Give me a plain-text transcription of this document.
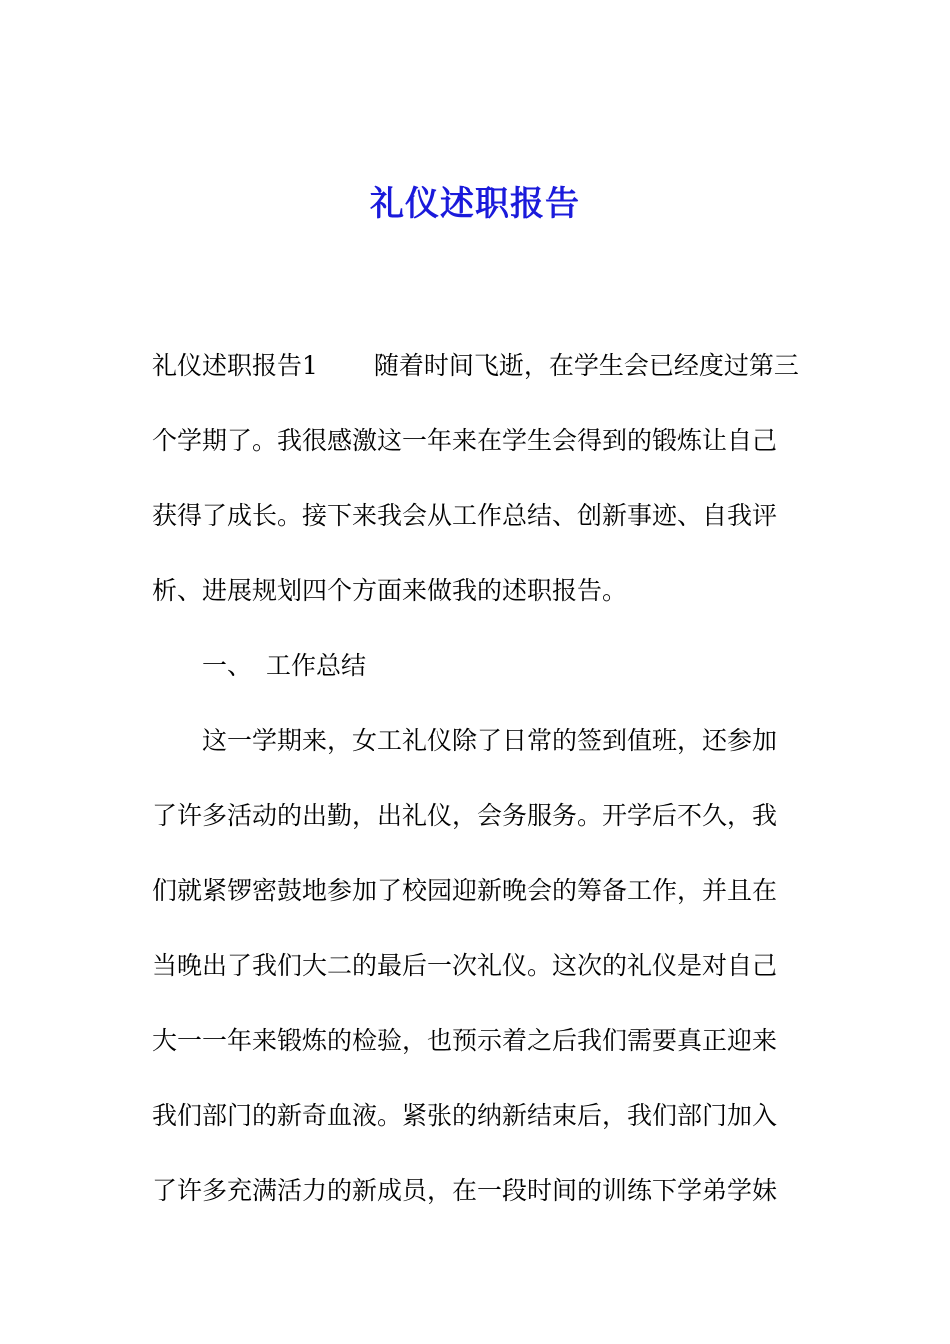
礼仪述职报告
礼仪述职报告1 随着时间飞逝，在学生会已经度过第三
个学期了。我很感激这一年来在学生会得到的锻炼让自己
获得了成长。接下来我会从工作总结、创新事迹、自我评
析、进展规划四个方面来做我的述职报告。
一、 工作总结
这一学期来，女工礼仪除了日常的签到值班，还参加
了许多活动的出勤，出礼仪，会务服务。开学后不久，我
们就紧锣密鼓地参加了校园迎新晚会的筹备工作，并且在
当晚出了我们大二的最后一次礼仪。这次的礼仪是对自己
大一一年来锻炼的检验，也预示着之后我们需要真正迎来
我们部门的新奇血液。紧张的纳新结束后，我们部门加入
了许多充满活力的新成员，在一段时间的训练下学弟学妹
